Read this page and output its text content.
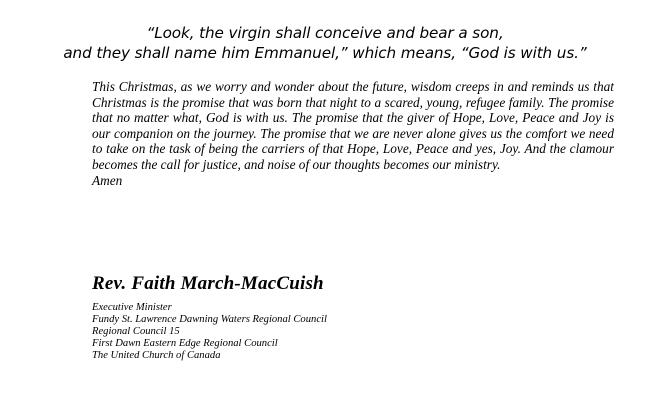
“Look, the virgin shall conceive and bear a son,
and they shall name him Emmanuel,” which means, “God is with us.”

This Christmas, as we worry and wonder about the future, wisdom creeps in and reminds us that Christmas is the promise that was born that night to a scared, young, refugee family. The promise that no matter what, God is with us. The promise that the giver of Hope, Love, Peace and Joy is our companion on the journey. The promise that we are never alone gives us the comfort we need to take on the task of being the carriers of that Hope, Love, Peace and yes, Joy. And the clamour becomes the call for justice, and noise of our thoughts becomes our ministry.

Amen

Rev. Faith March-MacCuish
Executive Minister
Fundy St. Lawrence Dawning Waters Regional Council
Regional Council 15
First Dawn Eastern Edge Regional Council
The United Church of Canada
